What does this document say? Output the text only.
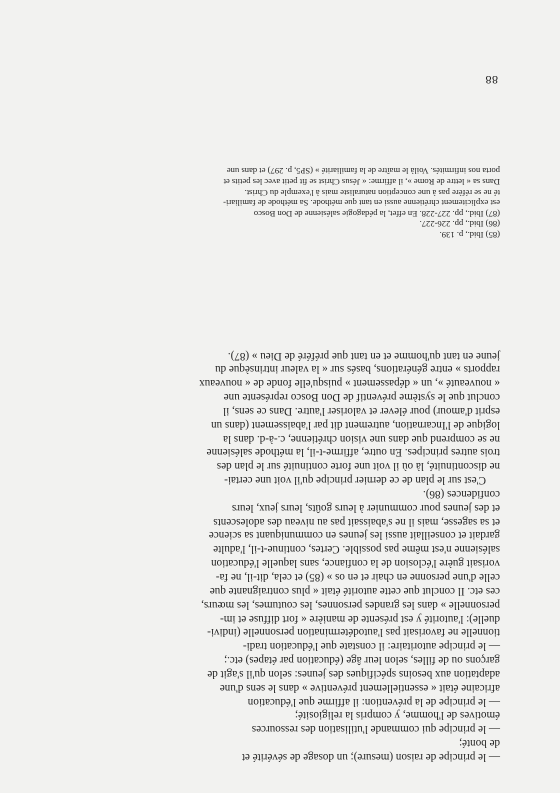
— le principe de raison (mesure); un dosage de sévérité et

de bonté;

— le principe qui commande l'utilisation des ressources

émotives de l'homme, y compris la religiosité;

— le principe de la prévention: il affirme que l'éducation

africaine était « essentiellement préventive » dans le sens d'une

adaptation aux besoins spécifiques des jeunes: selon qu'il s'agit de

garçons ou de filles, selon leur âge (éducation par étapes) etc.;

— le principe autoritaire: il constate que l'éducation tradi-

tionnelle ne favorisait pas l'autodétermination personnelle (indivi-

duelle): l'autorité y est présente de manière « fort diffuse et im-

personnelle » dans les grandes personnes, les coutumes, les mœurs,

ces etc. Il conclut que cette autorité était « plus contraignante que

celle d'une personne en chair et en os » (85) et cela, dit-il, ne fa-

vorisait guère l'éclosion de la confiance, sans laquelle l'éducation

salésienne n'est même pas possible. Certes, continue-t-il, l'adulte

gardait et conseillait aussi les jeunes en communiquant sa science

et sa sagesse, mais il ne s'abaissait pas au niveau des adolescents

et des jeunes pour communier à leurs goûts, leurs jeux, leurs

confidences (86).

C'est sur le plan de ce dernier principe qu'il voit une certai-

ne discontinuité, là où il voit une forte continuité sur le plan des

trois autres principes. En outre, affirme-t-il, la méthode salésienne

ne se comprend que dans une vision chrétienne, c.-à-d. dans la

logique de l'Incarnation, autrement dit par l'abaissement (dans un

esprit d'amour) pour élever et valoriser l'autre. Dans ce sens, il

conclut que le système préventif de Don Bosco représente une

« nouveauté », un « dépassement » puisqu'elle fonde de « nouveaux

rapports » entre générations, basés sur « la valeur intrinsèque du

jeune en tant qu'homme et en tant que préféré de Dieu » (87).

(85) Ibid., p. 139.

(86) Ibid., pp. 226-227.

(87) Ibid., pp. 227-228. En effet, la pédagogie salésienne de Don Bosco

est explicitement chrétienne aussi en tant que méthode. Sa méthode de familiari-

té ne se réfère pas à une conception naturaliste mais à l'exemple du Christ.

Dans sa « lettre de Rome », il affirme: « Jésus Christ se fit petit avec les petits et

porta nos infirmités. Voilà le maître de la familiarité » (SP5, p. 297) et dans une

88
